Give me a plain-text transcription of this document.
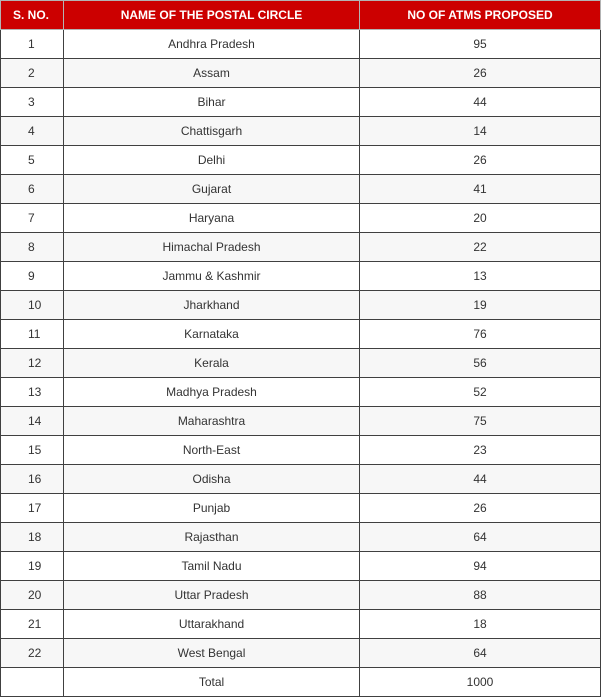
S. NO.	NAME OF THE POSTAL CIRCLE	NO OF ATMS PROPOSED
1	Andhra Pradesh	95
2	Assam	26
3	Bihar	44
4	Chattisgarh	14
5	Delhi	26
6	Gujarat	41
7	Haryana	20
8	Himachal Pradesh	22
9	Jammu & Kashmir	13
10	Jharkhand	19
11	Karnataka	76
12	Kerala	56
13	Madhya Pradesh	52
14	Maharashtra	75
15	North-East	23
16	Odisha	44
17	Punjab	26
18	Rajasthan	64
19	Tamil Nadu	94
20	Uttar Pradesh	88
21	Uttarakhand	18
22	West Bengal	64
	Total	1000
